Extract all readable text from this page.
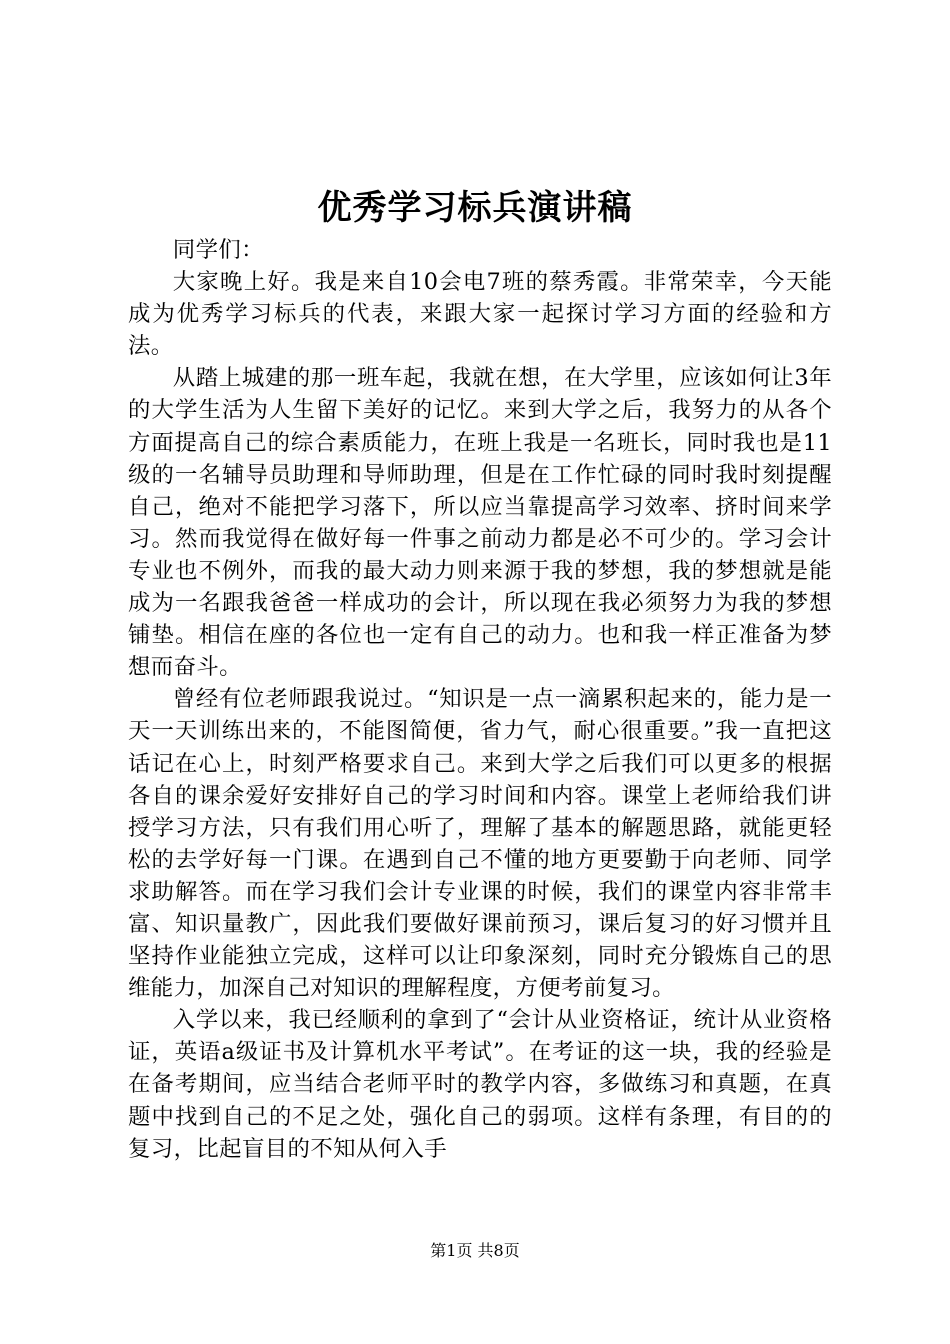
优秀学习标兵演讲稿

同学们：

大家晚上好。我是来自10会电7班的蔡秀霞。非常荣幸，今天能成为优秀学习标兵的代表，来跟大家一起探讨学习方面的经验和方法。

从踏上城建的那一班车起，我就在想，在大学里，应该如何让3年的大学生活为人生留下美好的记忆。来到大学之后，我努力的从各个方面提高自己的综合素质能力，在班上我是一名班长，同时我也是11级的一名辅导员助理和导师助理，但是在工作忙碌的同时我时刻提醒自己，绝对不能把学习落下，所以应当靠提高学习效率、挤时间来学习。然而我觉得在做好每一件事之前动力都是必不可少的。学习会计专业也不例外，而我的最大动力则来源于我的梦想，我的梦想就是能成为一名跟我爸爸一样成功的会计，所以现在我必须努力为我的梦想铺垫。相信在座的各位也一定有自己的动力。也和我一样正准备为梦想而奋斗。

曾经有位老师跟我说过。“知识是一点一滴累积起来的，能力是一天一天训练出来的，不能图简便，省力气，耐心很重要。”我一直把这话记在心上，时刻严格要求自己。来到大学之后我们可以更多的根据各自的课余爱好安排好自己的学习时间和内容。课堂上老师给我们讲授学习方法，只有我们用心听了，理解了基本的解题思路，就能更轻松的去学好每一门课。在遇到自己不懂的地方更要勤于向老师、同学求助解答。而在学习我们会计专业课的时候，我们的课堂内容非常丰富、知识量教广，因此我们要做好课前预习，课后复习的好习惯并且坚持作业能独立完成，这样可以让印象深刻，同时充分锻炼自己的思维能力，加深自己对知识的理解程度，方便考前复习。

入学以来，我已经顺利的拿到了“会计从业资格证，统计从业资格证，英语a级证书及计算机水平考试”。在考证的这一块，我的经验是在备考期间，应当结合老师平时的教学内容，多做练习和真题，在真题中找到自己的不足之处，强化自己的弱项。这样有条理，有目的的复习，比起盲目的不知从何入手

第1页 共8页
